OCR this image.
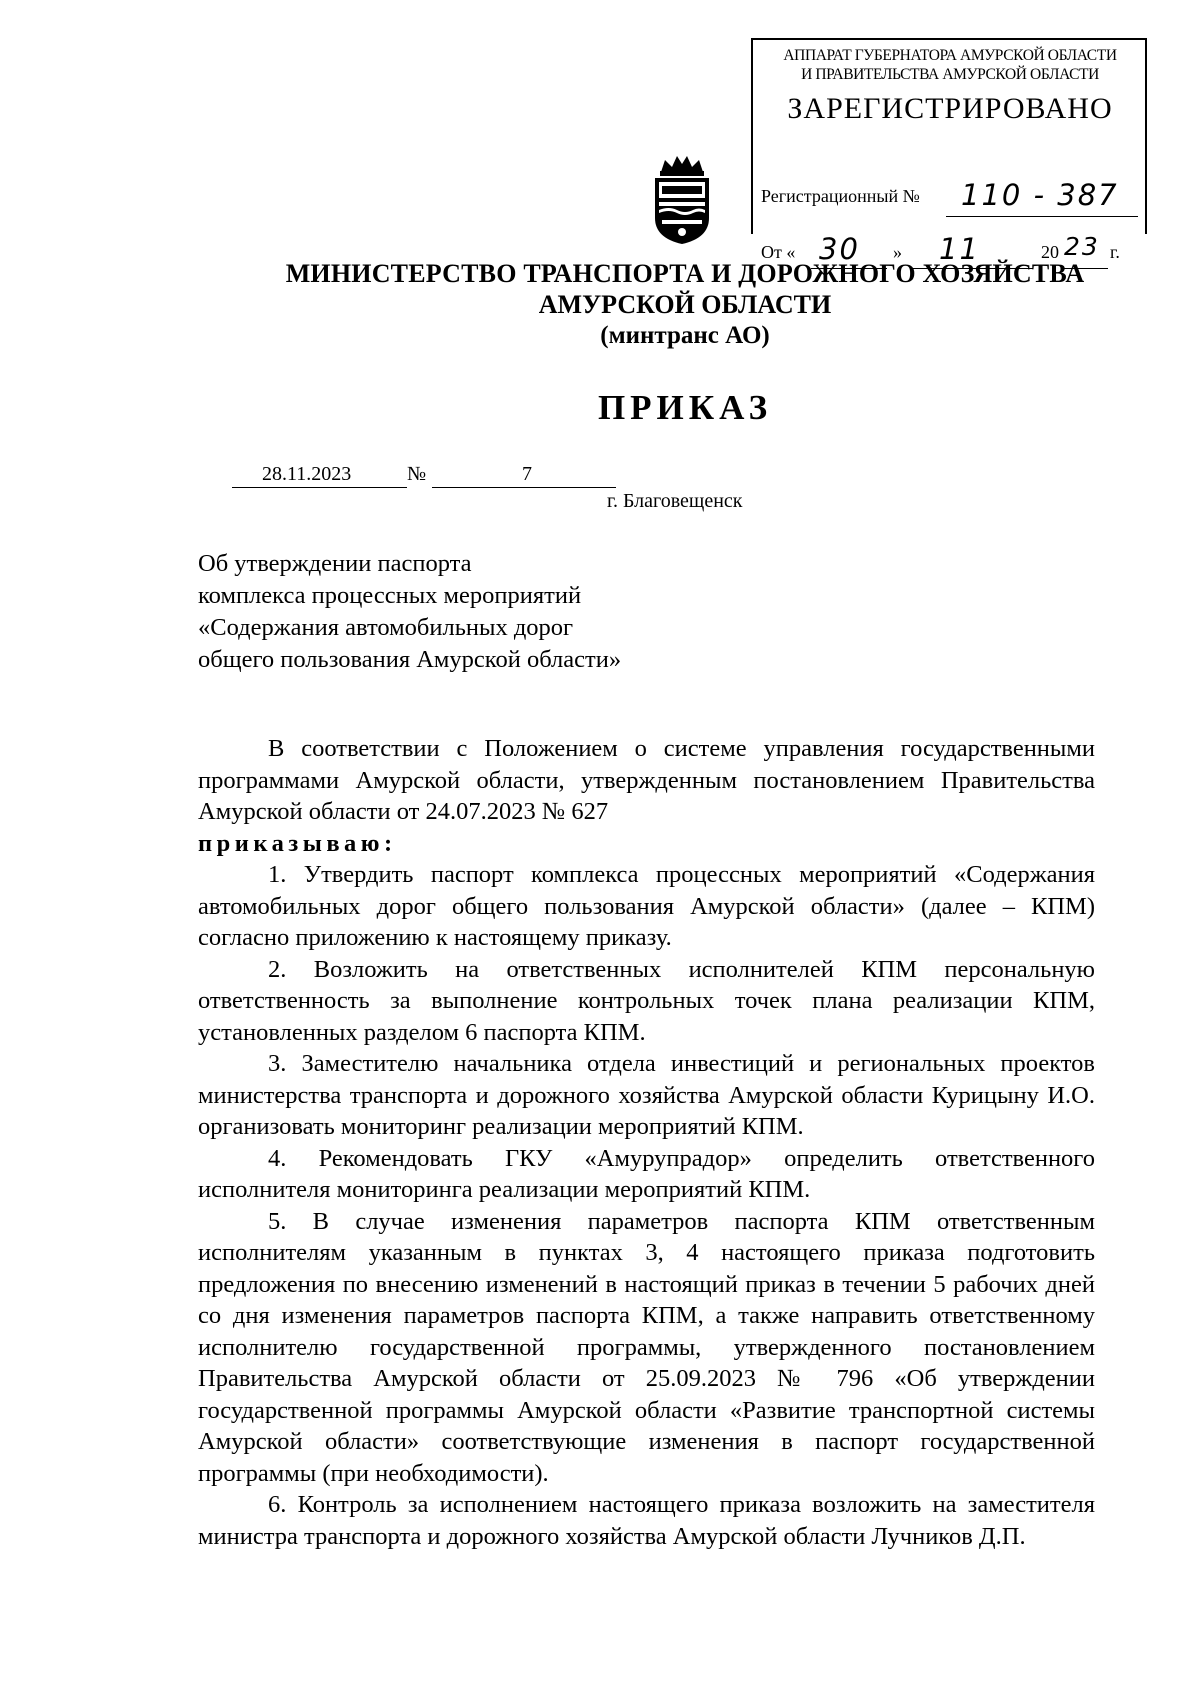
АППАРАТ ГУБЕРНАТОРА АМУРСКОЙ ОБЛАСТИ
И ПРАВИТЕЛЬСТВА АМУРСКОЙ ОБЛАСТИ
ЗАРЕГИСТРИРОВАНО
Регистрационный № 110 - 387
От « 30 » 11	20 23 г.
МИНИСТЕРСТВО ТРАНСПОРТА И ДОРОЖНОГО ХОЗЯЙСТВА
АМУРСКОЙ ОБЛАСТИ
(минтранс АО)
ПРИКАЗ
28.11.2023	№	7
г. Благовещенск
Об утверждении паспорта
комплекса процессных мероприятий
«Содержания автомобильных дорог
общего пользования Амурской области»

В соответствии с Положением о системе управления государственными программами Амурской области, утвержденным постановлением Правительства Амурской области от 24.07.2023 № 627

приказываю:

1. Утвердить паспорт комплекса процессных мероприятий «Содержания автомобильных дорог общего пользования Амурской области» (далее – КПМ) согласно приложению к настоящему приказу.

2. Возложить на ответственных исполнителей КПМ персональную ответственность за выполнение контрольных точек плана реализации КПМ, установленных разделом 6 паспорта КПМ.

3. Заместителю начальника отдела инвестиций и региональных проектов министерства транспорта и дорожного хозяйства Амурской области Курицыну И.О. организовать мониторинг реализации мероприятий КПМ.

4. Рекомендовать ГКУ «Амурупрадор» определить ответственного исполнителя мониторинга реализации мероприятий КПМ.

5. В случае изменения параметров паспорта КПМ ответственным исполнителям указанным в пунктах 3, 4 настоящего приказа подготовить предложения по внесению изменений в настоящий приказ в течении 5 рабочих дней со дня изменения параметров паспорта КПМ, а также направить ответственному исполнителю государственной программы, утвержденного постановлением Правительства Амурской области от 25.09.2023 № 796 «Об утверждении государственной программы Амурской области «Развитие транспортной системы Амурской области» соответствующие изменения в паспорт государственной программы (при необходимости).

6. Контроль за исполнением настоящего приказа возложить на заместителя министра транспорта и дорожного хозяйства Амурской области Лучников Д.П.
